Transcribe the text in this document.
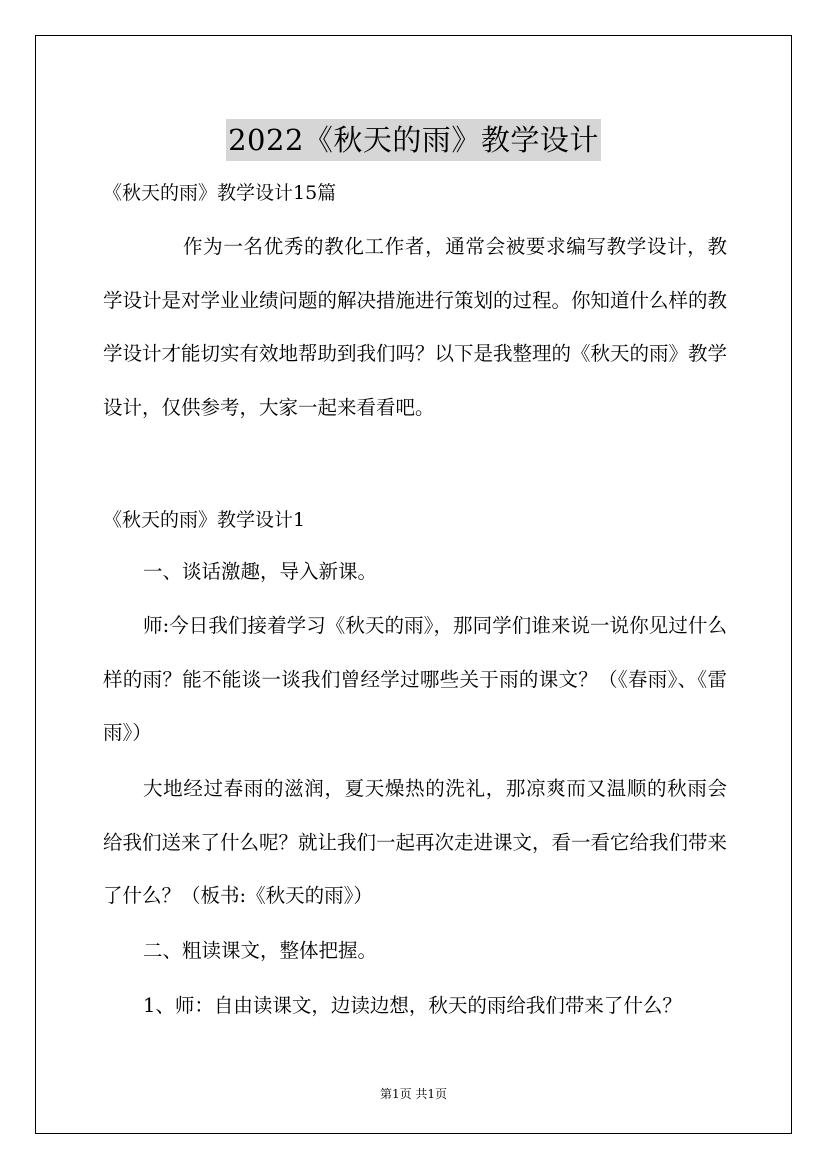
2022《秋天的雨》教学设计
《秋天的雨》教学设计15篇

作为一名优秀的教化工作者，通常会被要求编写教学设计，教学设计是对学业业绩问题的解决措施进行策划的过程。你知道什么样的教学设计才能切实有效地帮助到我们吗？以下是我整理的《秋天的雨》教学设计，仅供参考，大家一起来看看吧。

《秋天的雨》教学设计1

一、谈话激趣，导入新课。

师:今日我们接着学习《秋天的雨》，那同学们谁来说一说你见过什么样的雨？能不能谈一谈我们曾经学过哪些关于雨的课文？（《春雨》、《雷雨》）

大地经过春雨的滋润，夏天燥热的洗礼，那凉爽而又温顺的秋雨会给我们送来了什么呢？就让我们一起再次走进课文，看一看它给我们带来了什么？（板书:《秋天的雨》）

二、粗读课文，整体把握。

1、师：自由读课文，边读边想，秋天的雨给我们带来了什么？

第1页 共1页
